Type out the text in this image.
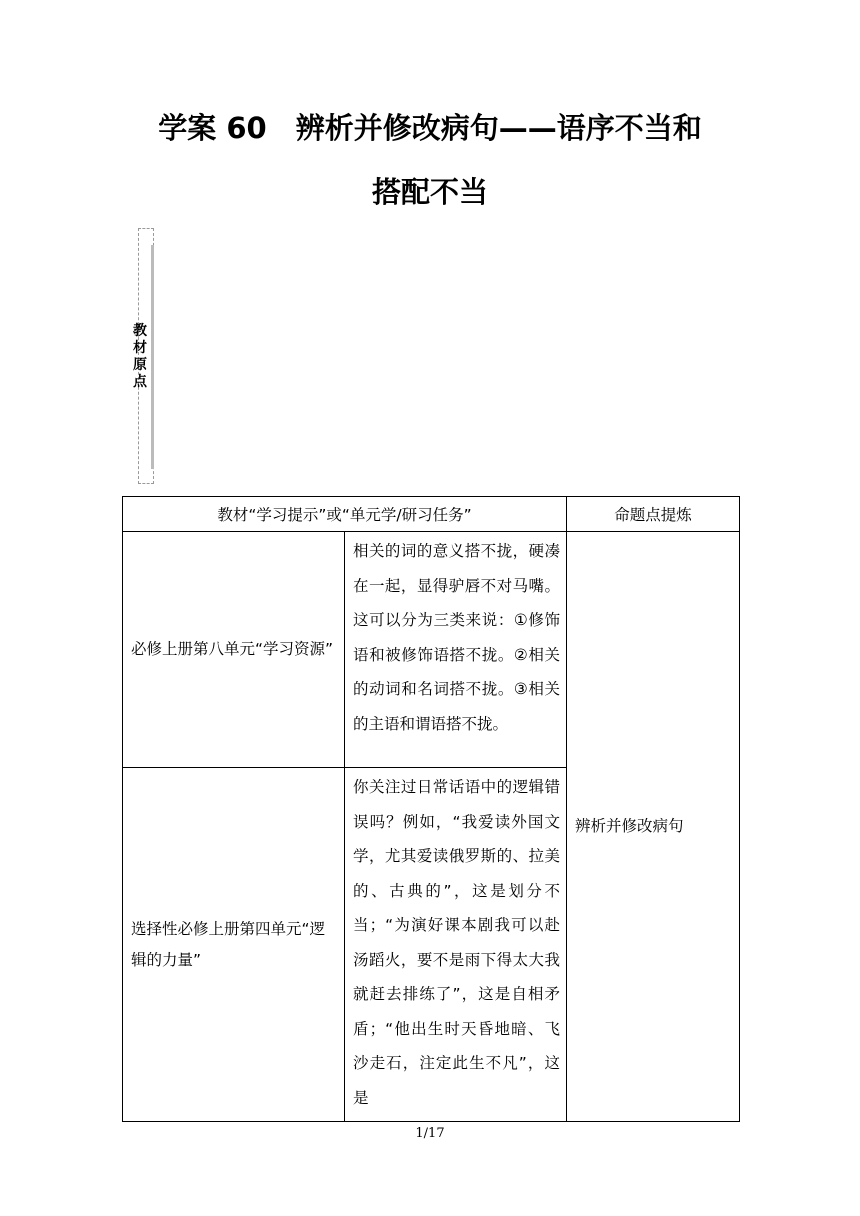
学案 60　辨析并修改病句——语序不当和
搭配不当
教材原点
教材“学习提示”或“单元学/研习任务”		命题点提炼
必修上册第八单元“学习资源”	相关的词的意义搭不拢，硬凑在一起，显得驴唇不对马嘴。这可以分为三类来说：①修饰语和被修饰语搭不拢。②相关的动词和名词搭不拢。③相关的主语和谓语搭不拢。	辨析并修改病句
选择性必修上册第四单元“逻辑的力量”	你关注过日常话语中的逻辑错误吗？例如，“我爱读外国文学，尤其爱读俄罗斯的、拉美的、古典的”，这是划分不当；“为演好课本剧我可以赴汤蹈火，要不是雨下得太大我就赶去排练了”，这是自相矛盾；“他出生时天昏地暗、飞沙走石，注定此生不凡”，这是	
1/17
